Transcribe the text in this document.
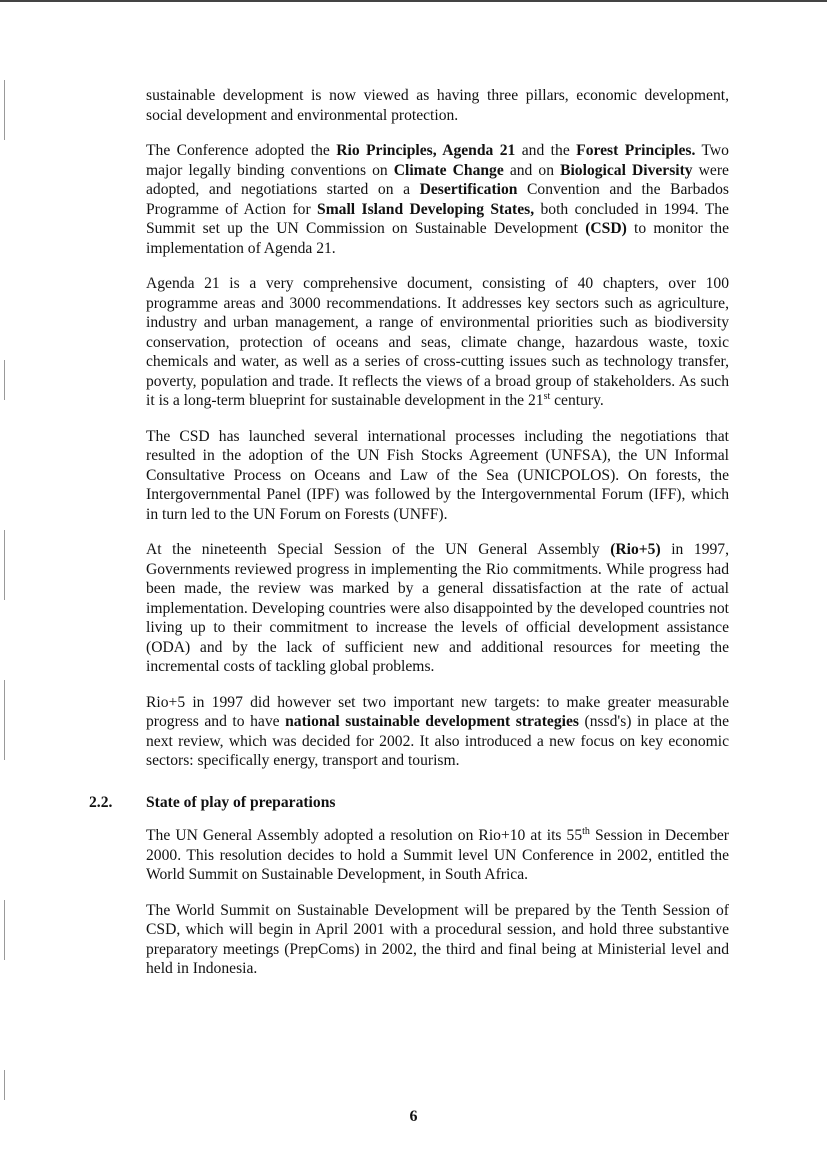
sustainable development is now viewed as having three pillars, economic development, social development and environmental protection.

The Conference adopted the Rio Principles, Agenda 21 and the Forest Principles. Two major legally binding conventions on Climate Change and on Biological Diversity were adopted, and negotiations started on a Desertification Convention and the Barbados Programme of Action for Small Island Developing States, both concluded in 1994. The Summit set up the UN Commission on Sustainable Development (CSD) to monitor the implementation of Agenda 21.

Agenda 21 is a very comprehensive document, consisting of 40 chapters, over 100 programme areas and 3000 recommendations. It addresses key sectors such as agriculture, industry and urban management, a range of environmental priorities such as biodiversity conservation, protection of oceans and seas, climate change, hazardous waste, toxic chemicals and water, as well as a series of cross-cutting issues such as technology transfer, poverty, population and trade. It reflects the views of a broad group of stakeholders. As such it is a long-term blueprint for sustainable development in the 21st century.

The CSD has launched several international processes including the negotiations that resulted in the adoption of the UN Fish Stocks Agreement (UNFSA), the UN Informal Consultative Process on Oceans and Law of the Sea (UNICPOLOS). On forests, the Intergovernmental Panel (IPF) was followed by the Intergovernmental Forum (IFF), which in turn led to the UN Forum on Forests (UNFF).

At the nineteenth Special Session of the UN General Assembly (Rio+5) in 1997, Governments reviewed progress in implementing the Rio commitments. While progress had been made, the review was marked by a general dissatisfaction at the rate of actual implementation. Developing countries were also disappointed by the developed countries not living up to their commitment to increase the levels of official development assistance (ODA) and by the lack of sufficient new and additional resources for meeting the incremental costs of tackling global problems.

Rio+5 in 1997 did however set two important new targets: to make greater measurable progress and to have national sustainable development strategies (nssd's) in place at the next review, which was decided for 2002. It also introduced a new focus on key economic sectors: specifically energy, transport and tourism.

2.2. State of play of preparations

The UN General Assembly adopted a resolution on Rio+10 at its 55th Session in December 2000. This resolution decides to hold a Summit level UN Conference in 2002, entitled the World Summit on Sustainable Development, in South Africa.

The World Summit on Sustainable Development will be prepared by the Tenth Session of CSD, which will begin in April 2001 with a procedural session, and hold three substantive preparatory meetings (PrepComs) in 2002, the third and final being at Ministerial level and held in Indonesia.

6
